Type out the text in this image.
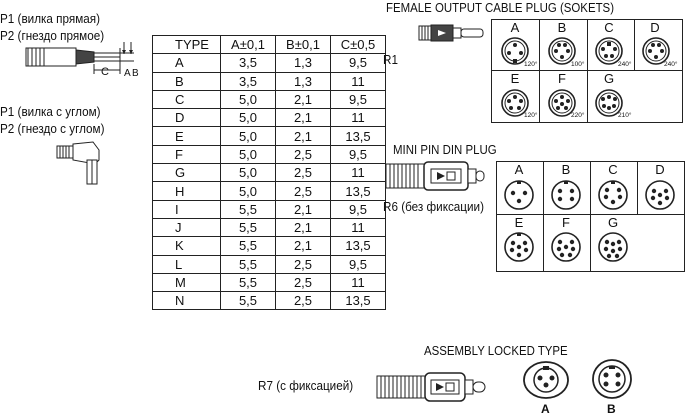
P1 (вилка прямая)
P2 (гнездо прямое)
P1 (вилка с углом)
P2 (гнездо с углом)
C A B
TYPE	A±0,1	B±0,1	C±0,5
A	3,5	1,3	9,5
B	3,5	1,3	11
C	5,0	2,1	9,5
D	5,0	2,1	11
E	5,0	2,1	13,5
F	5,0	2,5	9,5
G	5,0	2,5	11
H	5,0	2,5	13,5
I	5,5	2,1	9,5
J	5,5	2,1	11
K	5,5	2,1	13,5
L	5,5	2,5	9,5
M	5,5	2,5	11
N	5,5	2,5	13,5
FEMALE OUTPUT CABLE PLUG (SOKETS)
R1
A	B	C	D
E	F	G
120°	100°	240°	240°
120°	220°	210°
MINI PIN DIN PLUG
R6 (без фиксации)
A	B	C	D
E	F	G
ASSEMBLY LOCKED TYPE
R7 (с фиксацией)
A	B
